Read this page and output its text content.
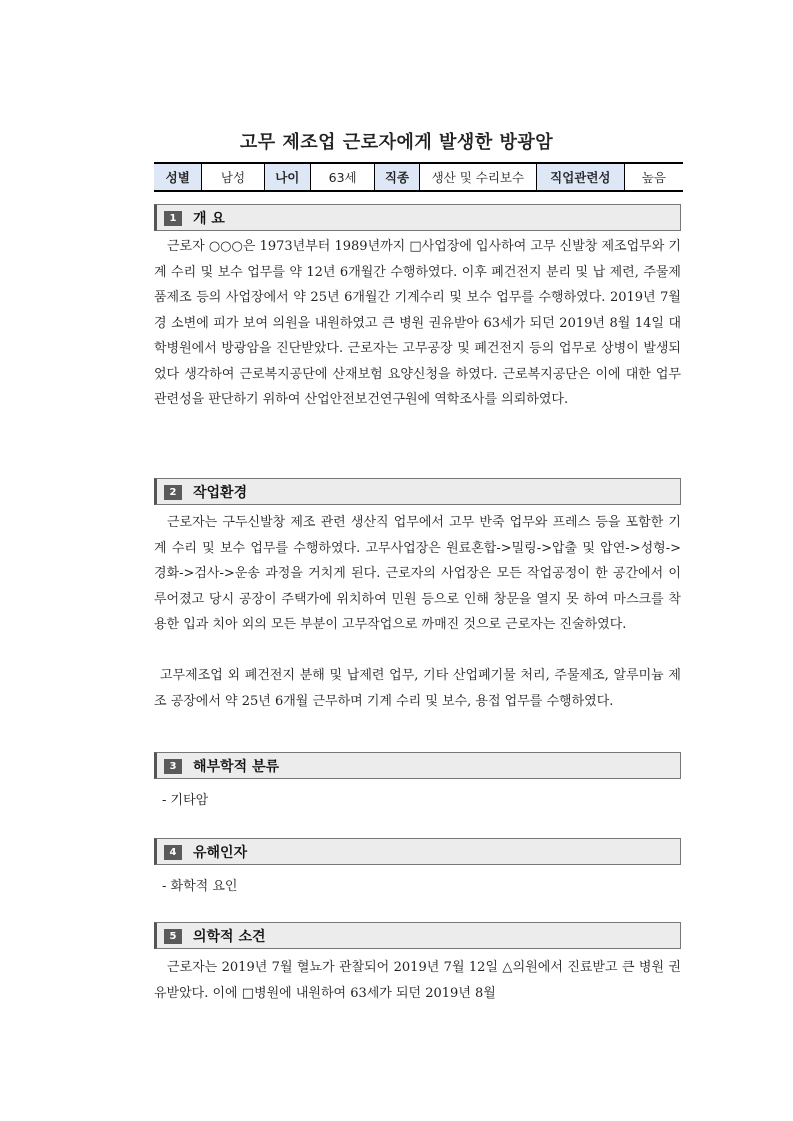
고무 제조업 근로자에게 발생한 방광암
성별	남성	나이	63세	직종	생산 및 수리보수	직업관련성	높음
1	개 요

근로자 ○○○은 1973년부터 1989년까지 □사업장에 입사하여 고무 신발창 제조업무와 기계 수리 및 보수 업무를 약 12년 6개월간 수행하였다. 이후 폐건전지 분리 및 납 제련, 주물제품제조 등의 사업장에서 약 25년 6개월간 기계수리 및 보수 업무를 수행하였다. 2019년 7월경 소변에 피가 보여 의원을 내원하였고 큰 병원 권유받아 63세가 되던 2019년 8월 14일 대학병원에서 방광암을 진단받았다. 근로자는 고무공장 및 폐건전지 등의 업무로 상병이 발생되었다 생각하여 근로복지공단에 산재보험 요양신청을 하였다. 근로복지공단은 이에 대한 업무관련성을 판단하기 위하여 산업안전보건연구원에 역학조사를 의뢰하였다.

2	작업환경

근로자는 구두신발창 제조 관련 생산직 업무에서 고무 반죽 업무와 프레스 등을 포함한 기계 수리 및 보수 업무를 수행하였다. 고무사업장은 원료혼합->밀링->압출 및 압연->성형->경화->검사->운송 과정을 거치게 된다. 근로자의 사업장은 모든 작업공정이 한 공간에서 이루어졌고 당시 공장이 주택가에 위치하여 민원 등으로 인해 창문을 열지 못 하여 마스크를 착용한 입과 치아 외의 모든 부분이 고무작업으로 까매진 것으로 근로자는 진술하였다.

고무제조업 외 폐건전지 분해 및 납제련 업무, 기타 산업폐기물 처리, 주물제조, 알루미늄 제조 공장에서 약 25년 6개월 근무하며 기계 수리 및 보수, 용접 업무를 수행하였다.

3	해부학적 분류
- 기타암
4	유해인자
- 화학적 요인
5	의학적 소견

근로자는 2019년 7월 혈뇨가 관찰되어 2019년 7월 12일 △의원에서 진료받고 큰 병원 권유받았다. 이에 □병원에 내원하여 63세가 되던 2019년 8월
